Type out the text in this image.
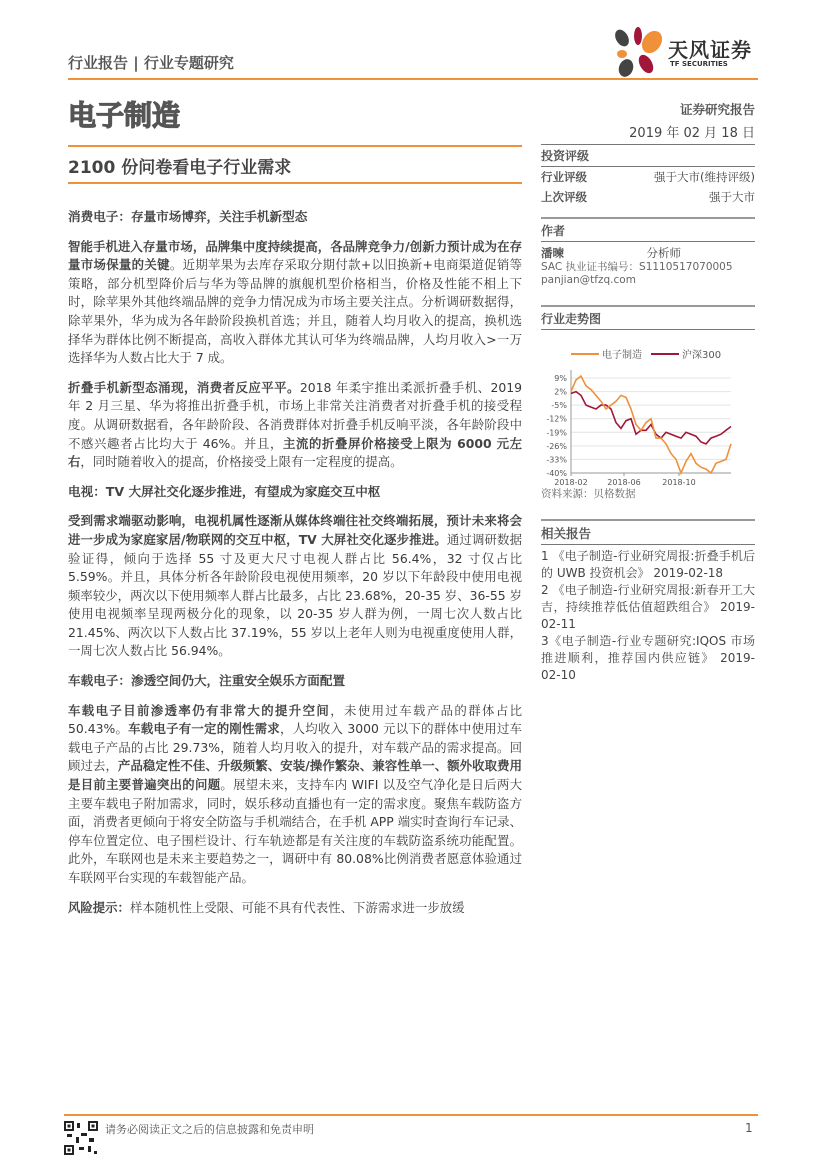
行业报告 | 行业专题研究
天风证券
TF SECURITIES
电子制造
2100 份问卷看电子行业需求
消费电子：存量市场博弈，关注手机新型态

智能手机进入存量市场，品牌集中度持续提高，各品牌竞争力/创新力预计成为在存量市场保量的关键。近期苹果为去库存采取分期付款+以旧换新+电商渠道促销等策略，部分机型降价后与华为等品牌的旗舰机型价格相当，价格及性能不相上下时，除苹果外其他终端品牌的竞争力情况成为市场主要关注点。分析调研数据得，除苹果外，华为成为各年龄阶段换机首选；并且，随着人均月收入的提高，换机选择华为群体比例不断提高，高收入群体尤其认可华为终端品牌，人均月收入>一万选择华为人数占比大于 7 成。

折叠手机新型态涌现，消费者反应平平。2018 年柔宇推出柔派折叠手机、2019 年 2 月三星、华为将推出折叠手机，市场上非常关注消费者对折叠手机的接受程度。从调研数据看，各年龄阶段、各消费群体对折叠手机反响平淡，各年龄阶段中不感兴趣者占比均大于 46%。并且，主流的折叠屏价格接受上限为 6000 元左右，同时随着收入的提高，价格接受上限有一定程度的提高。

电视：TV 大屏社交化逐步推进，有望成为家庭交互中枢

受到需求端驱动影响，电视机属性逐渐从媒体终端往社交终端拓展，预计未来将会进一步成为家庭家居/物联网的交互中枢，TV 大屏社交化逐步推进。通过调研数据验证得，倾向于选择 55 寸及更大尺寸电视人群占比 56.4%，32 寸仅占比 5.59%。并且，具体分析各年龄阶段电视使用频率，20 岁以下年龄段中使用电视频率较少，两次以下使用频率人群占比最多，占比 23.68%，20-35 岁、36-55 岁使用电视频率呈现两极分化的现象，以 20-35 岁人群为例，一周七次人数占比 21.45%、两次以下人数占比 37.19%，55 岁以上老年人则为电视重度使用人群，一周七次人数占比 56.94%。

车载电子：渗透空间仍大，注重安全娱乐方面配置

车载电子目前渗透率仍有非常大的提升空间，未使用过车载产品的群体占比 50.43%。车载电子有一定的刚性需求，人均收入 3000 元以下的群体中使用过车载电子产品的占比 29.73%，随着人均月收入的提升，对车载产品的需求提高。回顾过去，产品稳定性不佳、升级频繁、安装/操作繁杂、兼容性单一、额外收取费用是目前主要普遍突出的问题。展望未来，支持车内 WIFI 以及空气净化是日后两大主要车载电子附加需求，同时，娱乐移动直播也有一定的需求度。聚焦车载防盗方面，消费者更倾向于将安全防盗与手机端结合，在手机 APP 端实时查询行车记录、停车位置定位、电子围栏设计、行车轨迹都是有关注度的车载防盗系统功能配置。此外，车联网也是未来主要趋势之一，调研中有 80.08%比例消费者愿意体验通过车联网平台实现的车载智能产品。

风险提示：样本随机性上受限、可能不具有代表性、下游需求进一步放缓

证券研究报告
2019 年 02 月 18 日
投资评级
行业评级	强于大市(维持评级)
上次评级	强于大市
作者
潘暕	分析师
SAC 执业证书编号：S1110517070005
panjian@tfzq.com
行业走势图
电子制造	沪深300
9%
2%
-5%
-12%
-19%
-26%
-33%
-40%
2018-02 2018-06	2018-10
资料来源：贝格数据
相关报告
1 《电子制造-行业研究周报:折叠手机后的 UWB 投资机会》 2019-02-18
2 《电子制造-行业研究周报:新春开工大吉，持续推荐低估值超跌组合》 2019-02-11
3《电子制造-行业专题研究:IQOS 市场推进顺利，推荐国内供应链》 2019-02-10
请务必阅读正文之后的信息披露和免责申明	1
